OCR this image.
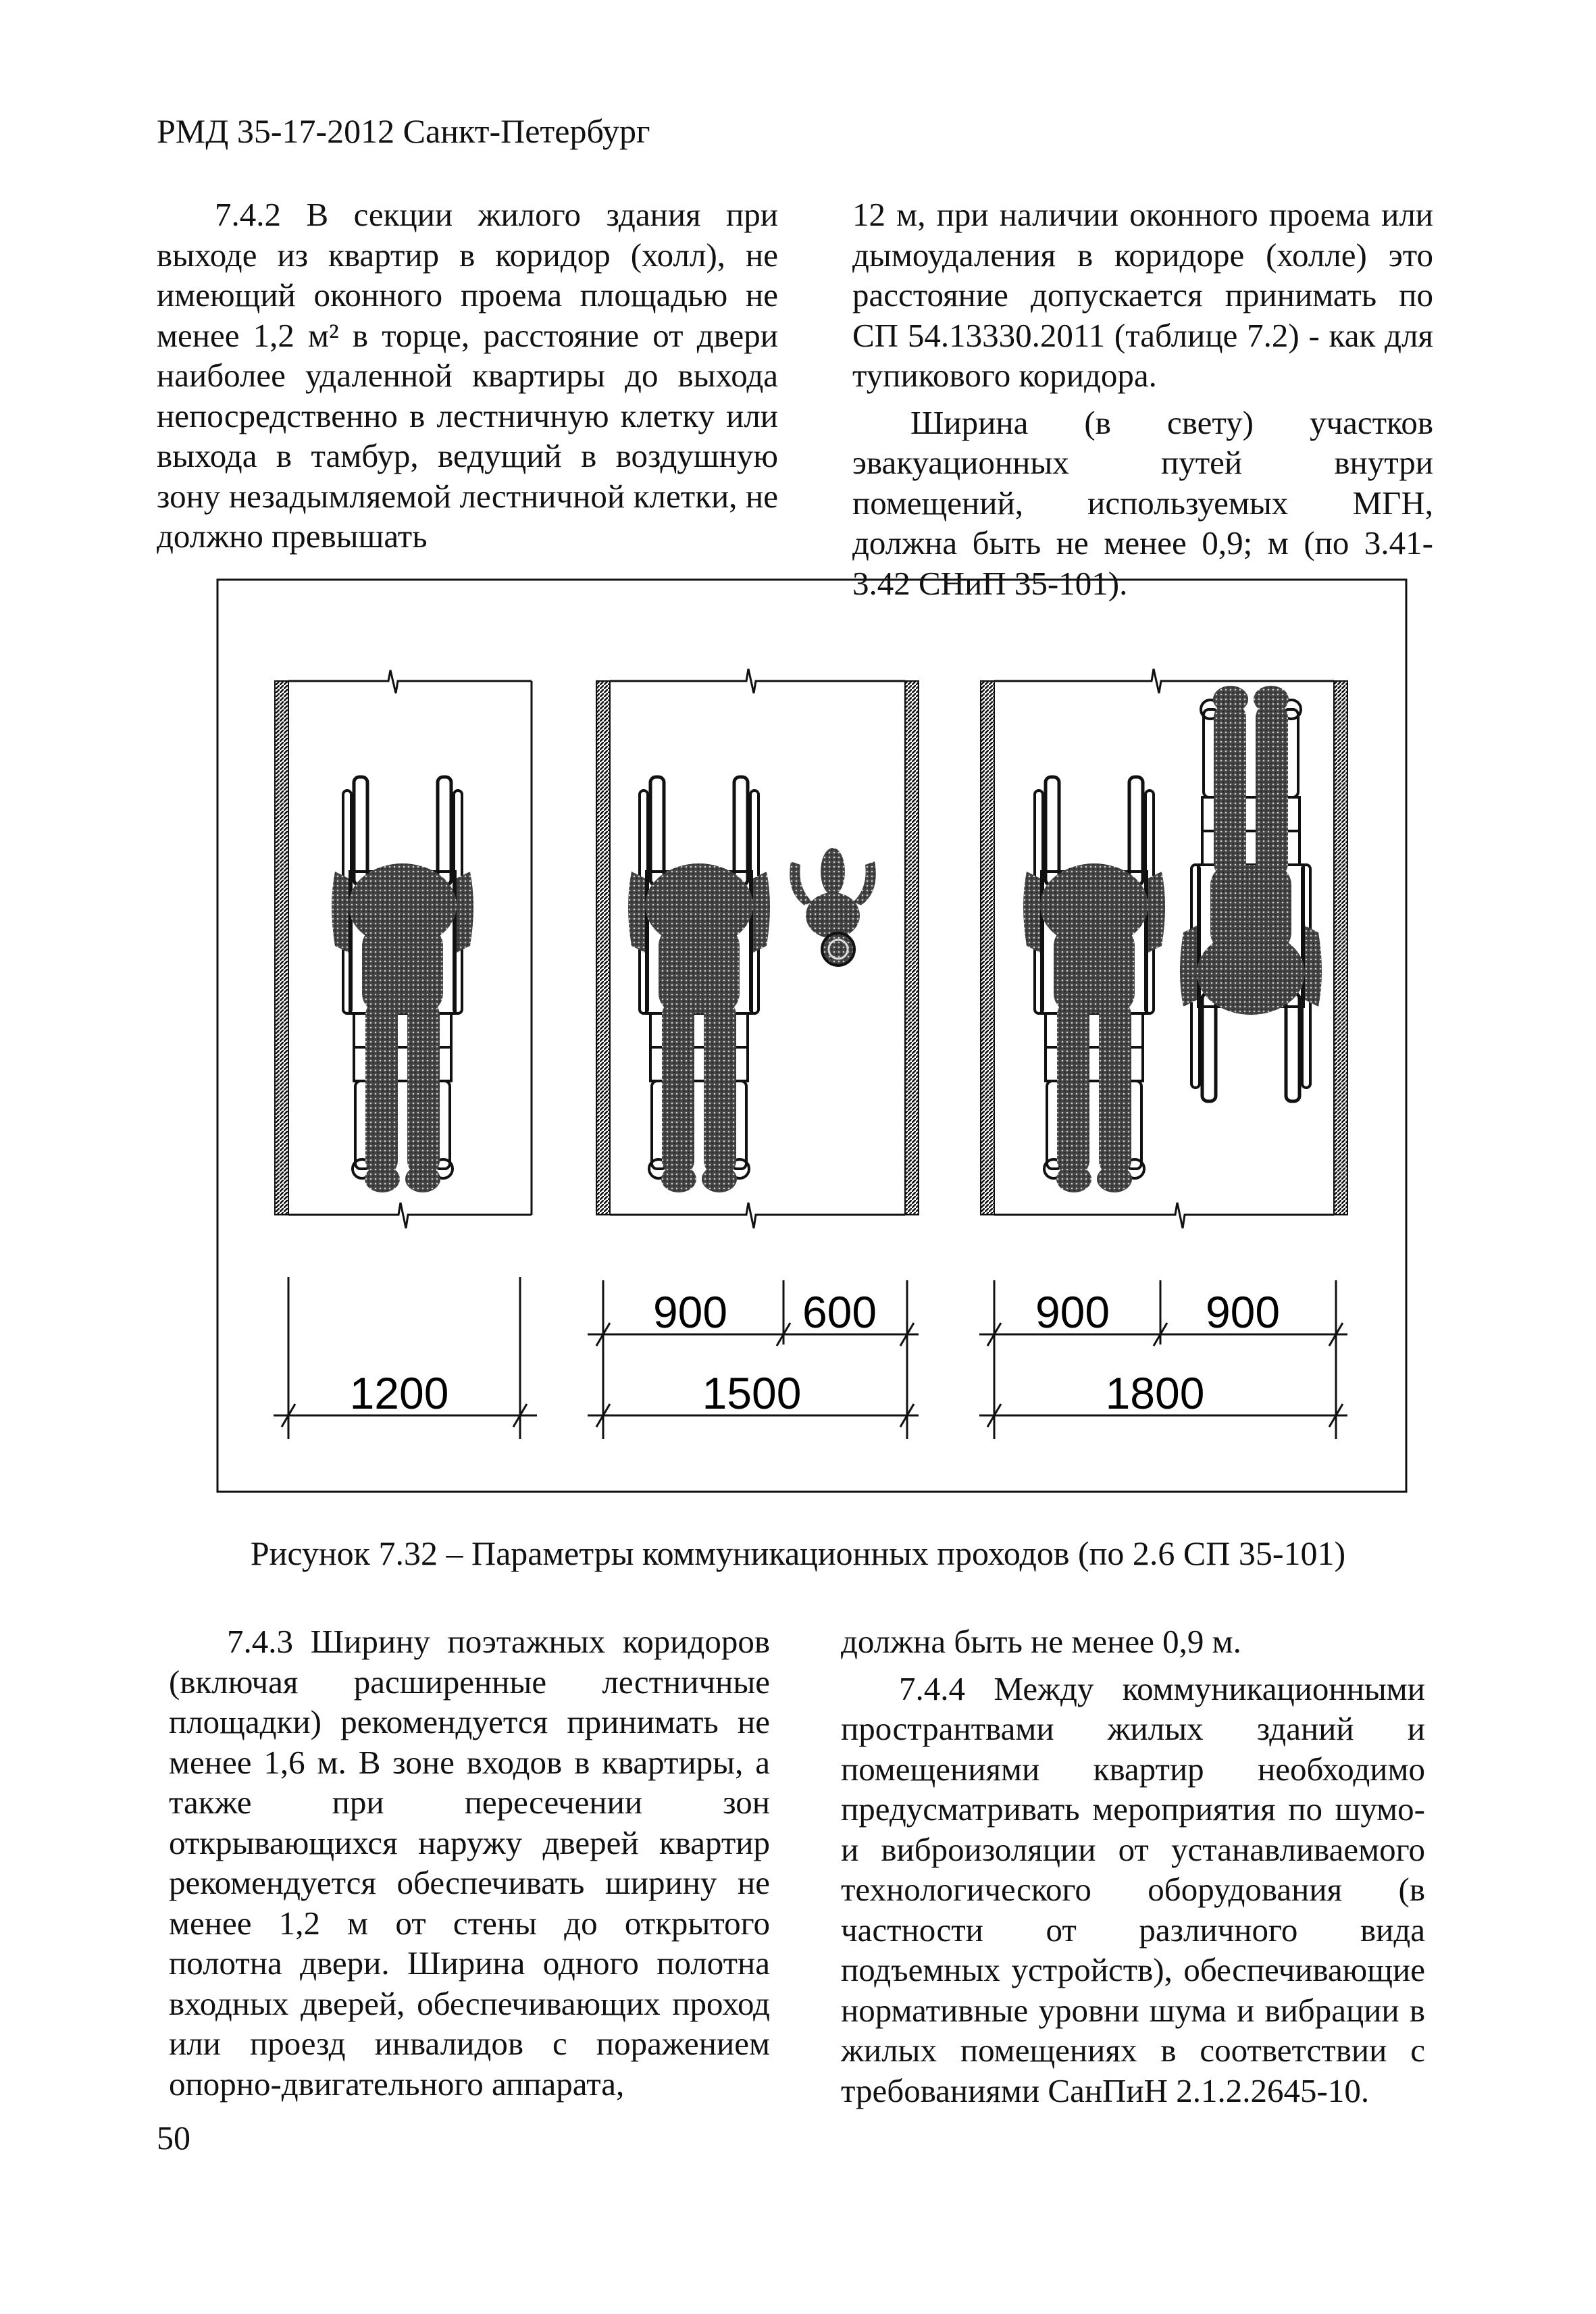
РМД 35-17-2012 Санкт-Петербург

7.4.2 В секции жилого здания при выходе из квартир в коридор (холл), не имеющий оконного проема площадью не менее 1,2 м² в торце, расстояние от двери наиболее удаленной квартиры до выхода непосредственно в лестничную клетку или выхода в тамбур, ведущий в воздушную зону незадымляемой лестничной клетки, не должно превышать

12 м, при наличии оконного проема или дымоудаления в коридоре (холле) это расстояние допускается принимать по СП 54.13330.2011 (таблице 7.2) - как для тупикового коридора.

Ширина (в свету) участков эвакуационных путей внутри помещений, используемых МГН, должна быть не менее 0,9; м (по 3.41-3.42 СНиП 35-101).

1200
900 600
1500
900 900
1800
Рисунок 7.32 – Параметры коммуникационных проходов (по 2.6 СП 35-101)

7.4.3 Ширину поэтажных коридоров (включая расширенные лестничные площадки) рекомендуется принимать не менее 1,6 м. В зоне входов в квартиры, а также при пересечении зон открывающихся наружу дверей квартир рекомендуется обеспечивать ширину не менее 1,2 м от стены до открытого полотна двери. Ширина одного полотна входных дверей, обеспечивающих проход или проезд инвалидов с поражением опорно-двигательного аппарата,

должна быть не менее 0,9 м.

7.4.4 Между коммуникационными пространтвами жилых зданий и помещениями квартир необходимо предусматривать мероприятия по шумо- и виброизоляции от устанавливаемого технологического оборудования (в частности от различного вида подъемных устройств), обеспечивающие нормативные уровни шума и вибрации в жилых помещениях в соответствии с требованиями СанПиН 2.1.2.2645-10.

50
